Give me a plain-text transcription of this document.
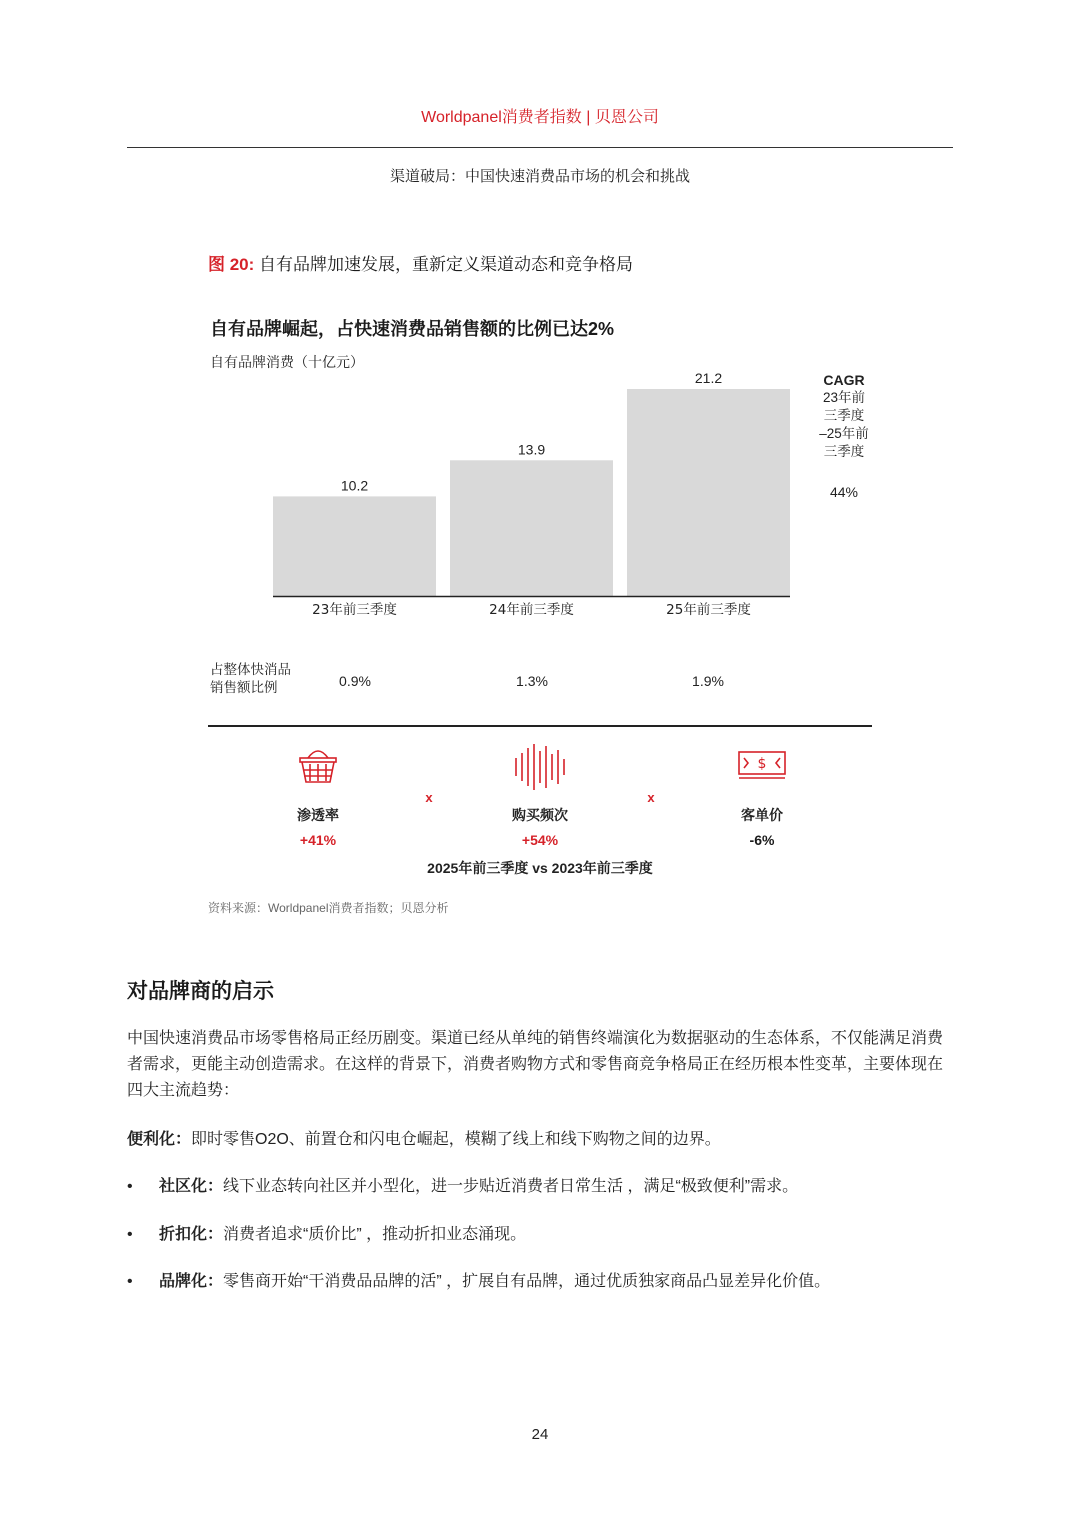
Worldpanel消费者指数 | 贝恩公司
渠道破局：中国快速消费品市场的机会和挑战
图 20: 自有品牌加速发展，重新定义渠道动态和竞争格局
自有品牌崛起，占快速消费品销售额的比例已达2%
自有品牌消费（十亿元）
10.2
23年前三季度
13.9
24年前三季度
21.2
25年前三季度
CAGR
23年前
三季度
–25年前
三季度
44%
占整体快消品
销售额比例	0.9%	1.3%	1.9%
$
渗透率	购买频次	客单价
x	x
+41%	+54%	-6%
2025年前三季度 vs 2023年前三季度
资料来源：Worldpanel消费者指数；贝恩分析
对品牌商的启示
中国快速消费品市场零售格局正经历剧变。渠道已经从单纯的销售终端演化为数据驱动的生态体系，不仅能满足消费者需求，更能主动创造需求。在这样的背景下，消费者购物方式和零售商竞争格局正在经历根本性变革，主要体现在四大主流趋势：
便利化：即时零售O2O、前置仓和闪电仓崛起，模糊了线上和线下购物之间的边界。
• 社区化：线下业态转向社区并小型化，进一步贴近消费者日常生活 ，满足“极致便利”需求。
• 折扣化：消费者追求“质价比” ，推动折扣业态涌现。
• 品牌化：零售商开始“干消费品品牌的活” ，扩展自有品牌，通过优质独家商品凸显差异化价值。
24
